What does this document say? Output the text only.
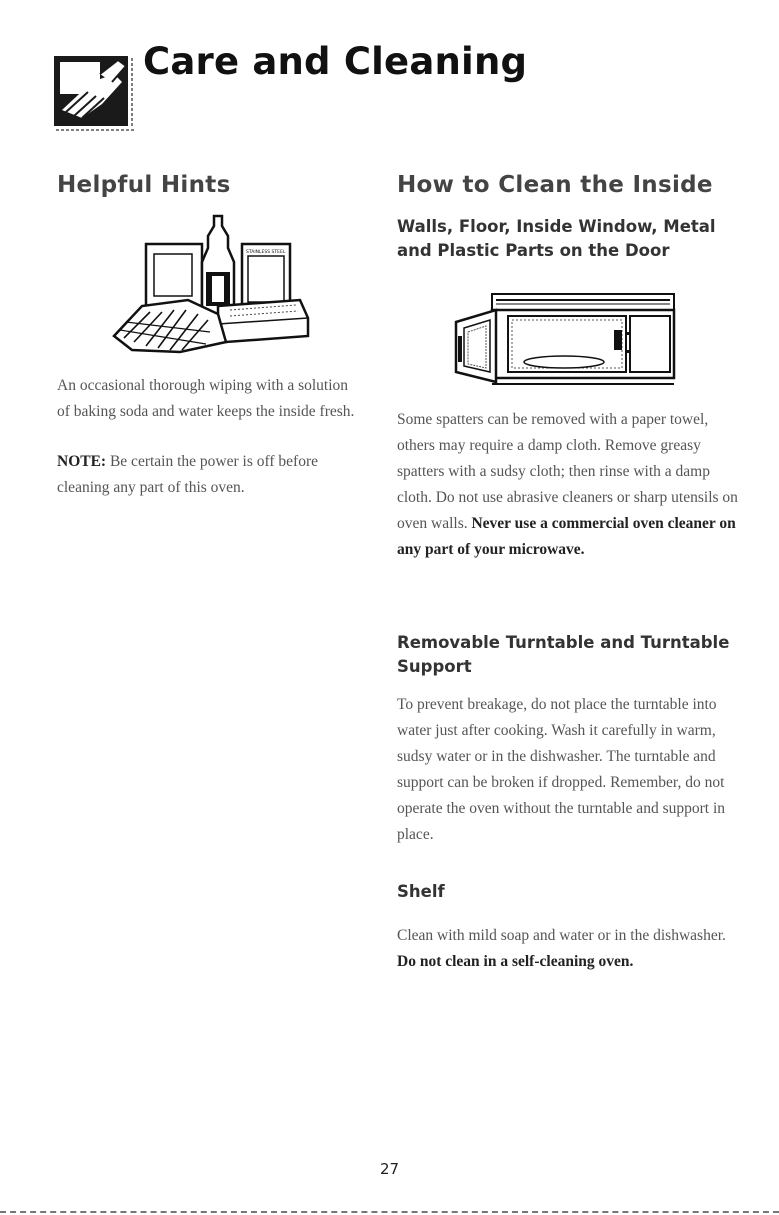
Care and Cleaning
Helpful Hints
STAINLESS STEEL

An occasional thorough wiping with a solution of baking soda and water keeps the inside fresh.

NOTE: Be certain the power is off before cleaning any part of this oven.

How to Clean the Inside
Walls, Floor, Inside Window, Metal and Plastic Parts on the Door

Some spatters can be removed with a paper towel, others may require a damp cloth. Remove greasy spatters with a sudsy cloth; then rinse with a damp cloth. Do not use abrasive cleaners or sharp utensils on oven walls. Never use a commercial oven cleaner on any part of your microwave.

Removable Turntable and Turntable Support

To prevent breakage, do not place the turntable into water just after cooking. Wash it carefully in warm, sudsy water or in the dishwasher. The turntable and support can be broken if dropped. Remember, do not operate the oven without the turntable and support in place.

Shelf

Clean with mild soap and water or in the dishwasher. Do not clean in a self-cleaning oven.

27
